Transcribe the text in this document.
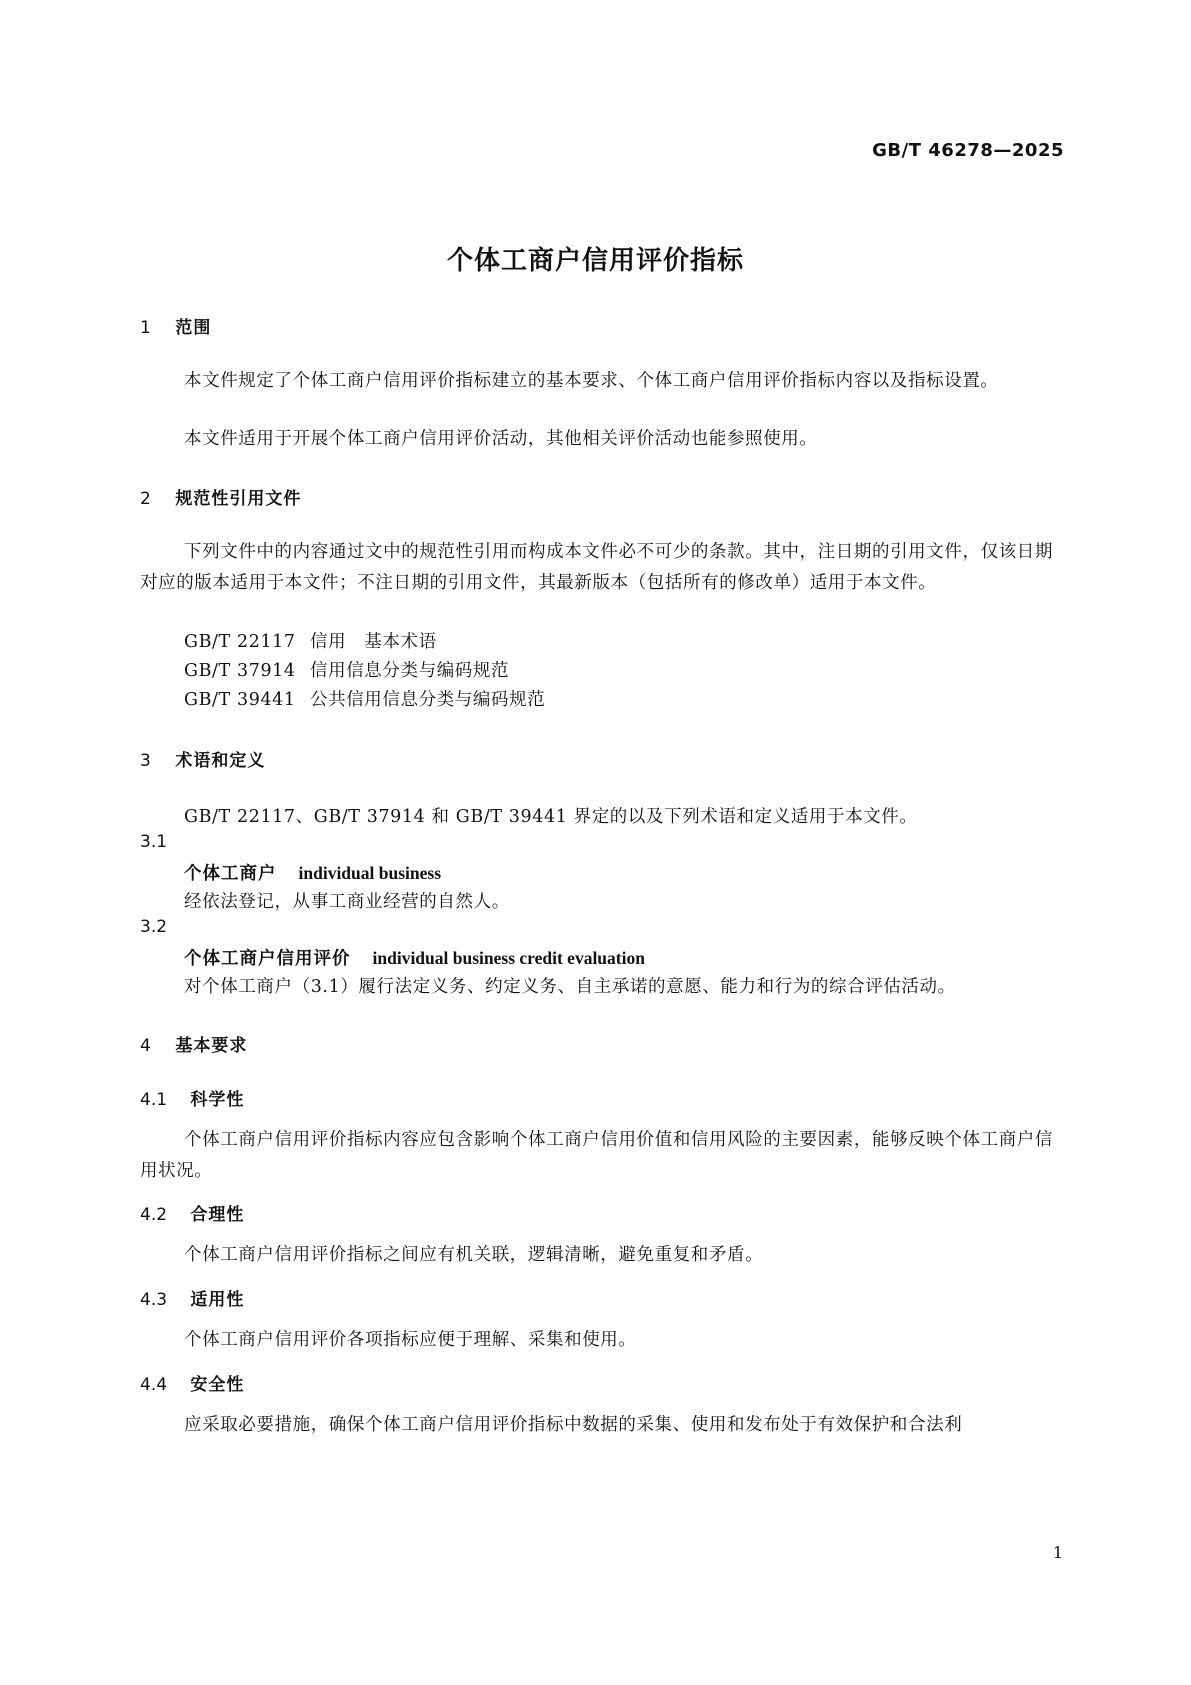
GB/T 46278—2025
个体工商户信用评价指标
1 范围
本文件规定了个体工商户信用评价指标建立的基本要求、个体工商户信用评价指标内容以及指标设置。
本文件适用于开展个体工商户信用评价活动，其他相关评价活动也能参照使用。
2 规范性引用文件
下列文件中的内容通过文中的规范性引用而构成本文件必不可少的条款。其中，注日期的引用文件，仅该日期对应的版本适用于本文件；不注日期的引用文件，其最新版本（包括所有的修改单）适用于本文件。
GB/T 22117 信用　基本术语
GB/T 37914 信用信息分类与编码规范
GB/T 39441 公共信用信息分类与编码规范
3 术语和定义
GB/T 22117、GB/T 37914 和 GB/T 39441 界定的以及下列术语和定义适用于本文件。
3.1
个体工商户 individual business
经依法登记，从事工商业经营的自然人。
3.2
个体工商户信用评价 individual business credit evaluation
对个体工商户（3.1）履行法定义务、约定义务、自主承诺的意愿、能力和行为的综合评估活动。
4 基本要求
4.1 科学性
个体工商户信用评价指标内容应包含影响个体工商户信用价值和信用风险的主要因素，能够反映个体工商户信用状况。
4.2 合理性
个体工商户信用评价指标之间应有机关联，逻辑清晰，避免重复和矛盾。
4.3 适用性
个体工商户信用评价各项指标应便于理解、采集和使用。
4.4 安全性
应采取必要措施，确保个体工商户信用评价指标中数据的采集、使用和发布处于有效保护和合法利
1
